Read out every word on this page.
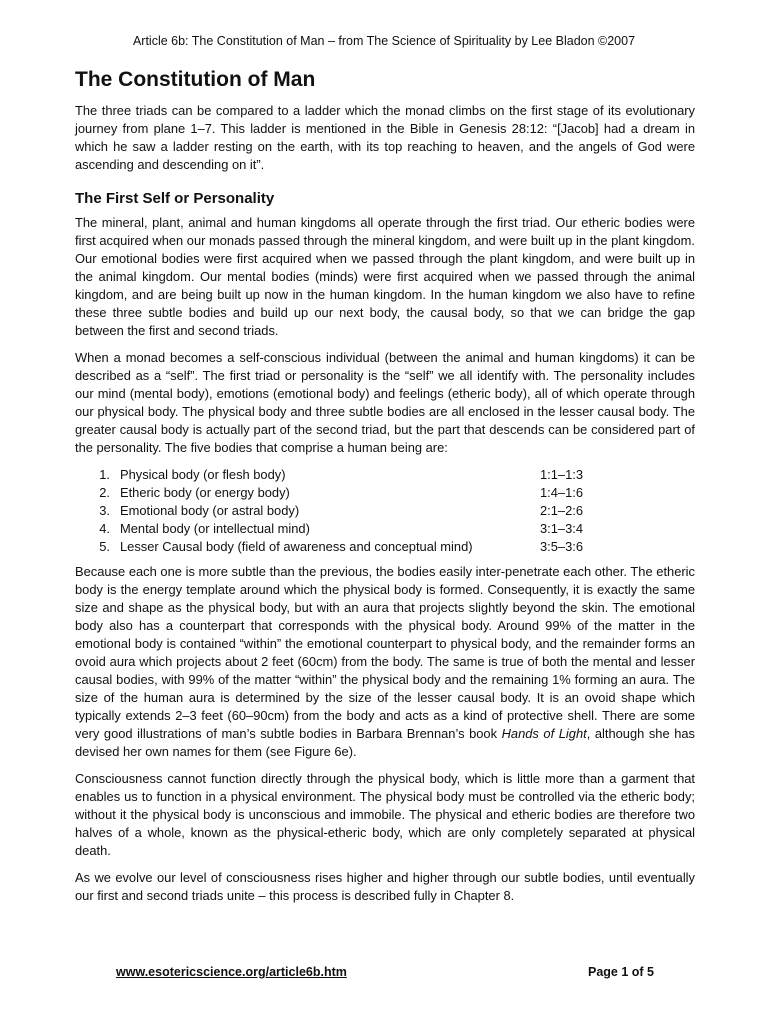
Article 6b: The Constitution of Man – from The Science of Spirituality by Lee Bladon ©2007
The Constitution of Man

The three triads can be compared to a ladder which the monad climbs on the first stage of its evolutionary journey from plane 1–7. This ladder is mentioned in the Bible in Genesis 28:12: “[Jacob] had a dream in which he saw a ladder resting on the earth, with its top reaching to heaven, and the angels of God were ascending and descending on it”.

The First Self or Personality

The mineral, plant, animal and human kingdoms all operate through the first triad. Our etheric bodies were first acquired when our monads passed through the mineral kingdom, and were built up in the plant kingdom. Our emotional bodies were first acquired when we passed through the plant kingdom, and were built up in the animal kingdom. Our mental bodies (minds) were first acquired when we passed through the animal kingdom, and are being built up now in the human kingdom. In the human kingdom we also have to refine these three subtle bodies and build up our next body, the causal body, so that we can bridge the gap between the first and second triads.

When a monad becomes a self-conscious individual (between the animal and human kingdoms) it can be described as a “self”. The first triad or personality is the “self” we all identify with. The personality includes our mind (mental body), emotions (emotional body) and feelings (etheric body), all of which operate through our physical body. The physical body and three subtle bodies are all enclosed in the lesser causal body. The greater causal body is actually part of the second triad, but the part that descends can be considered part of the personality. The five bodies that comprise a human being are:

1. Physical body (or flesh body)	1:1–1:3
2. Etheric body (or energy body)	1:4–1:6
3. Emotional body (or astral body)	2:1–2:6
4. Mental body (or intellectual mind)	3:1–3:4
5. Lesser Causal body (field of awareness and conceptual mind)	3:5–3:6

Because each one is more subtle than the previous, the bodies easily inter-penetrate each other. The etheric body is the energy template around which the physical body is formed. Consequently, it is exactly the same size and shape as the physical body, but with an aura that projects slightly beyond the skin. The emotional body also has a counterpart that corresponds with the physical body. Around 99% of the matter in the emotional body is contained “within” the emotional counterpart to physical body, and the remainder forms an ovoid aura which projects about 2 feet (60cm) from the body. The same is true of both the mental and lesser causal bodies, with 99% of the matter “within” the physical body and the remaining 1% forming an aura. The size of the human aura is determined by the size of the lesser causal body. It is an ovoid shape which typically extends 2–3 feet (60–90cm) from the body and acts as a kind of protective shell. There are some very good illustrations of man’s subtle bodies in Barbara Brennan’s book Hands of Light, although she has devised her own names for them (see Figure 6e).

Consciousness cannot function directly through the physical body, which is little more than a garment that enables us to function in a physical environment. The physical body must be controlled via the etheric body; without it the physical body is unconscious and immobile. The physical and etheric bodies are therefore two halves of a whole, known as the physical-etheric body, which are only completely separated at physical death.

As we evolve our level of consciousness rises higher and higher through our subtle bodies, until eventually our first and second triads unite – this process is described fully in Chapter 8.

www.esotericscience.org/article6b.htm	Page 1 of 5
